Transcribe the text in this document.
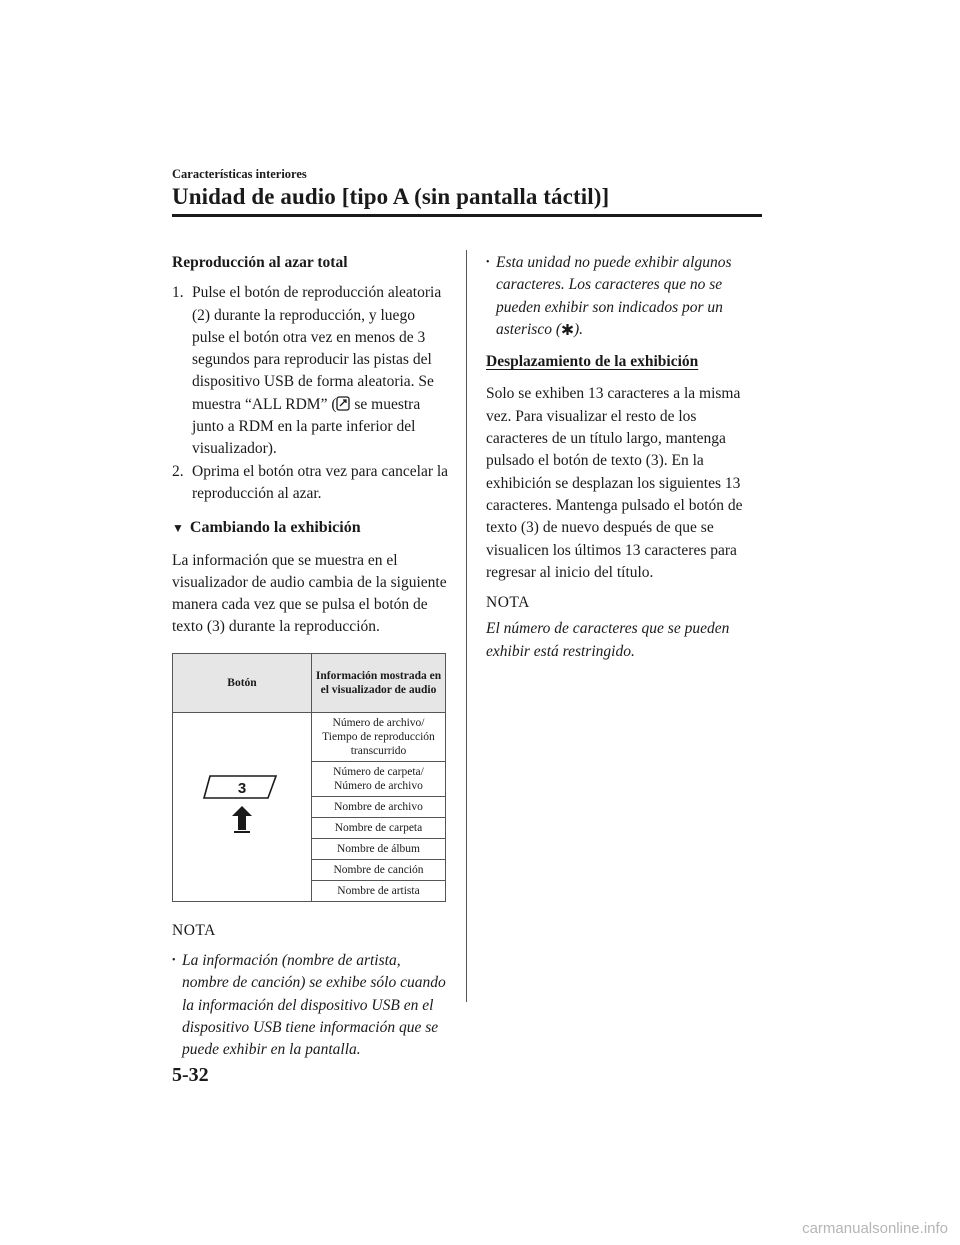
Características interiores
Unidad de audio [tipo A (sin pantalla táctil)]
Reproducción al azar total
1. Pulse el botón de reproducción aleatoria (2) durante la reproducción, y luego pulse el botón otra vez en menos de 3 segundos para reproducir las pistas del dispositivo USB de forma aleatoria. Se muestra “ALL RDM” ( se muestra junto a RDM en la parte inferior del visualizador).
2. Oprima el botón otra vez para cancelar la reproducción al azar.
▼ Cambiando la exhibición
La información que se muestra en el visualizador de audio cambia de la siguiente manera cada vez que se pulsa el botón de texto (3) durante la reproducción.
Botón	Información mostrada en el visualizador de audio

3	Número de archivo/ Tiempo de reproducción transcurrido
	Número de carpeta/ Número de archivo
	Nombre de archivo
	Nombre de carpeta
	Nombre de álbum
	Nombre de canción
	Nombre de artista
NOTA
• La información (nombre de artista, nombre de canción) se exhibe sólo cuando la información del dispositivo USB en el dispositivo USB tiene información que se puede exhibir en la pantalla.
• Esta unidad no puede exhibir algunos caracteres. Los caracteres que no se pueden exhibir son indicados por un asterisco ( ).
Desplazamiento de la exhibición
Solo se exhiben 13 caracteres a la misma vez. Para visualizar el resto de los caracteres de un título largo, mantenga pulsado el botón de texto (3). En la exhibición se desplazan los siguientes 13 caracteres. Mantenga pulsado el botón de texto (3) de nuevo después de que se visualicen los últimos 13 caracteres para regresar al inicio del título.
NOTA
El número de caracteres que se pueden exhibir está restringido.
5-32
carmanualsonline.info
